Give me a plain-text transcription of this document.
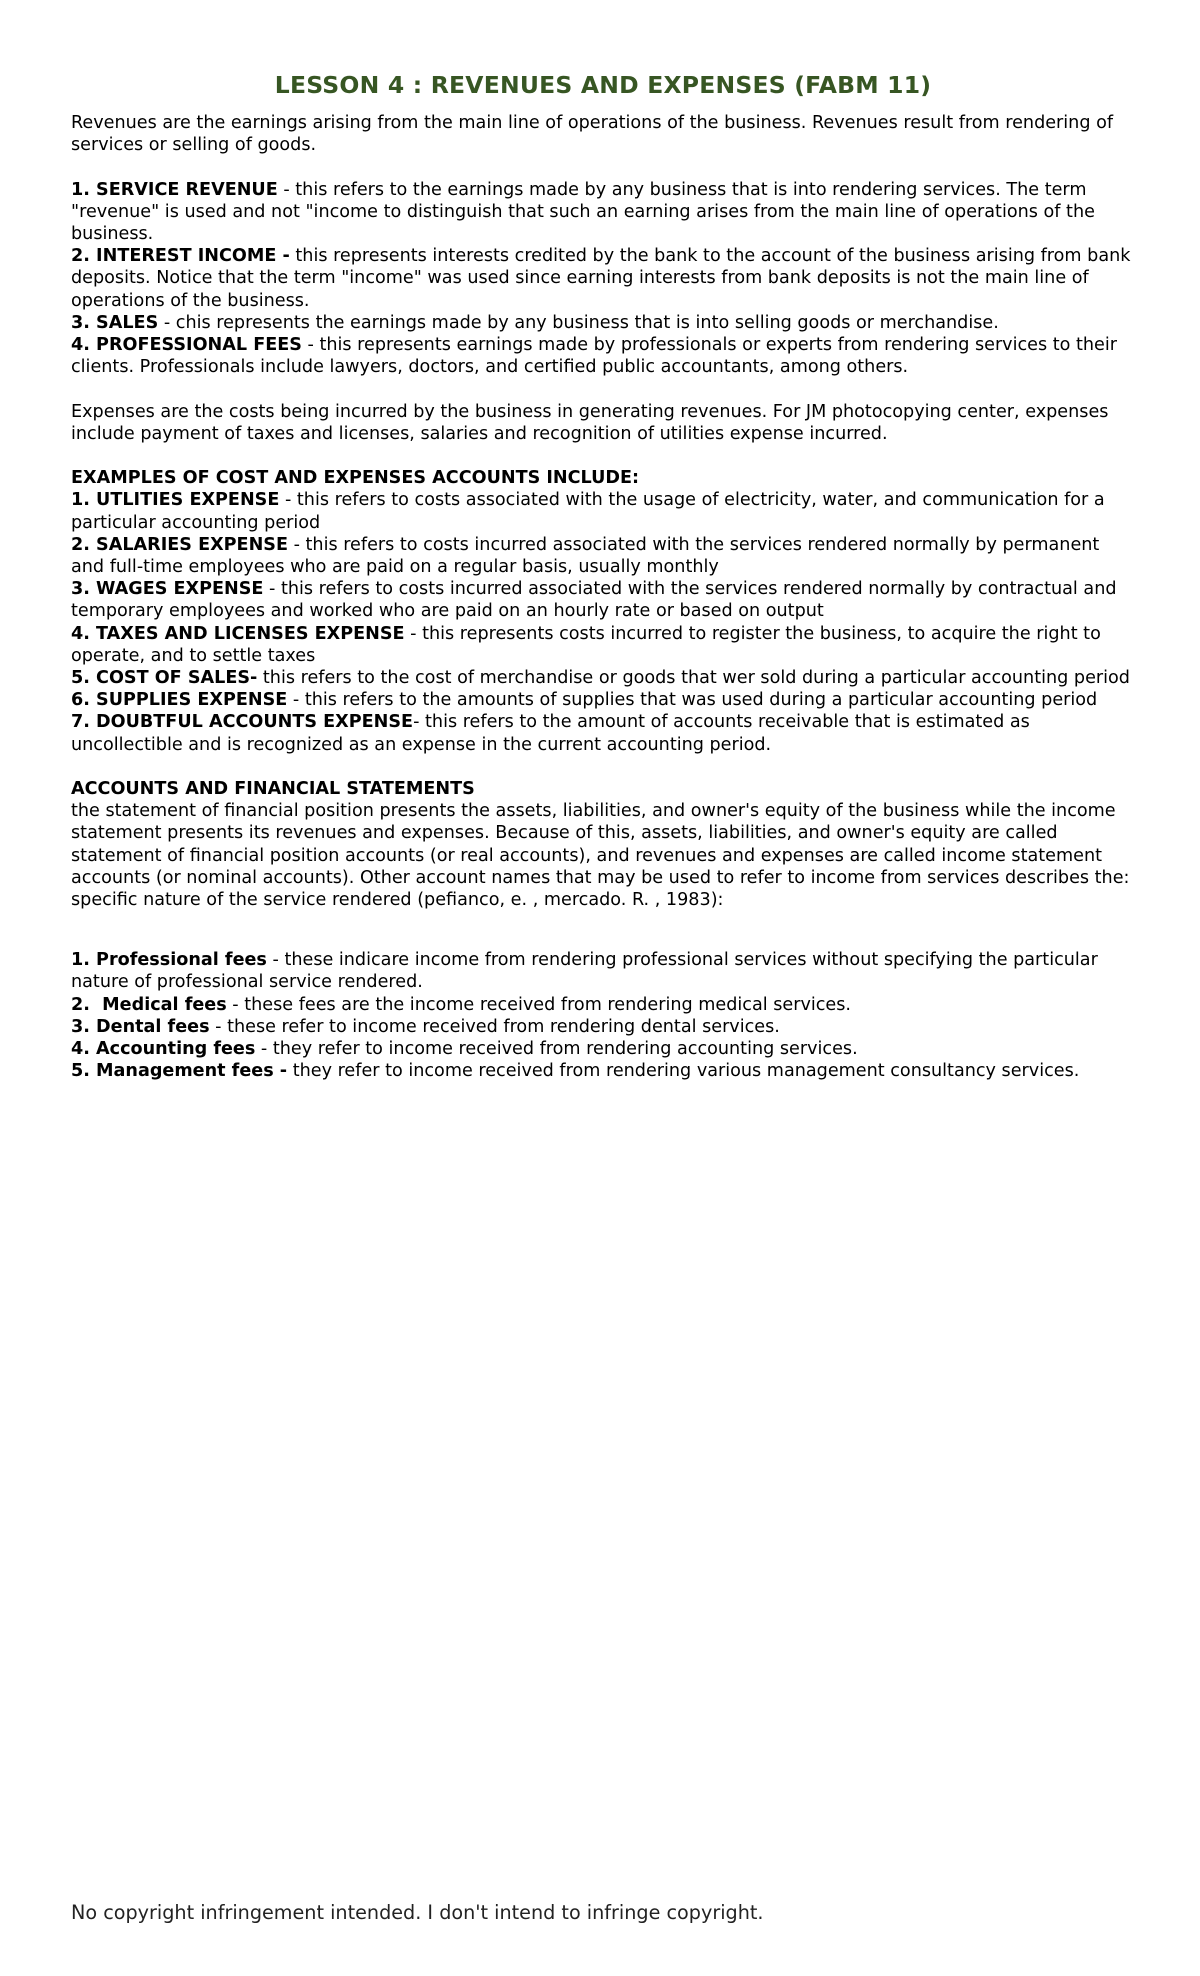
LESSON 4 : REVENUES AND EXPENSES (FABM 11)

Revenues are the earnings arising from the main line of operations of the business. Revenues result from rendering of services or selling of goods.

1. SERVICE REVENUE - this refers to the earnings made by any business that is into rendering services. The term "revenue" is used and not "income to distinguish that such an earning arises from the main line of operations of the business.

2. INTEREST INCOME - this represents interests credited by the bank to the account of the business arising from bank deposits. Notice that the term "income" was used since earning interests from bank deposits is not the main line of operations of the business.

3. SALES - chis represents the earnings made by any business that is into selling goods or merchandise.

4. PROFESSIONAL FEES - this represents earnings made by professionals or experts from rendering services to their clients. Professionals include lawyers, doctors, and certified public accountants, among others.

Expenses are the costs being incurred by the business in generating revenues. For JM photocopying center, expenses include payment of taxes and licenses, salaries and recognition of utilities expense incurred.

EXAMPLES OF COST AND EXPENSES ACCOUNTS INCLUDE:

1. UTLITIES EXPENSE - this refers to costs associated with the usage of electricity, water, and communication for a particular accounting period

2. SALARIES EXPENSE - this refers to costs incurred associated with the services rendered normally by permanent and full-time employees who are paid on a regular basis, usually monthly

3. WAGES EXPENSE - this refers to costs incurred associated with the services rendered normally by contractual and temporary employees and worked who are paid on an hourly rate or based on output

4. TAXES AND LICENSES EXPENSE - this represents costs incurred to register the business, to acquire the right to operate, and to settle taxes

5. COST OF SALES- this refers to the cost of merchandise or goods that wer sold during a particular accounting period

6. SUPPLIES EXPENSE - this refers to the amounts of supplies that was used during a particular accounting period

7. DOUBTFUL ACCOUNTS EXPENSE- this refers to the amount of accounts receivable that is estimated as uncollectible and is recognized as an expense in the current accounting period.

ACCOUNTS AND FINANCIAL STATEMENTS

the statement of financial position presents the assets, liabilities, and owner's equity of the business while the income statement presents its revenues and expenses. Because of this, assets, liabilities, and owner's equity are called statement of financial position accounts (or real accounts), and revenues and expenses are called income statement accounts (or nominal accounts). Other account names that may be used to refer to income from services describes the: specific nature of the service rendered (pefianco, e. , mercado. R. , 1983):

1. Professional fees - these indicare income from rendering professional services without specifying the particular nature of professional service rendered.

2.  Medical fees - these fees are the income received from rendering medical services.

3. Dental fees - these refer to income received from rendering dental services.

4. Accounting fees - they refer to income received from rendering accounting services.

5. Management fees - they refer to income received from rendering various management consultancy services.

No copyright infringement intended. I don't intend to infringe copyright.
